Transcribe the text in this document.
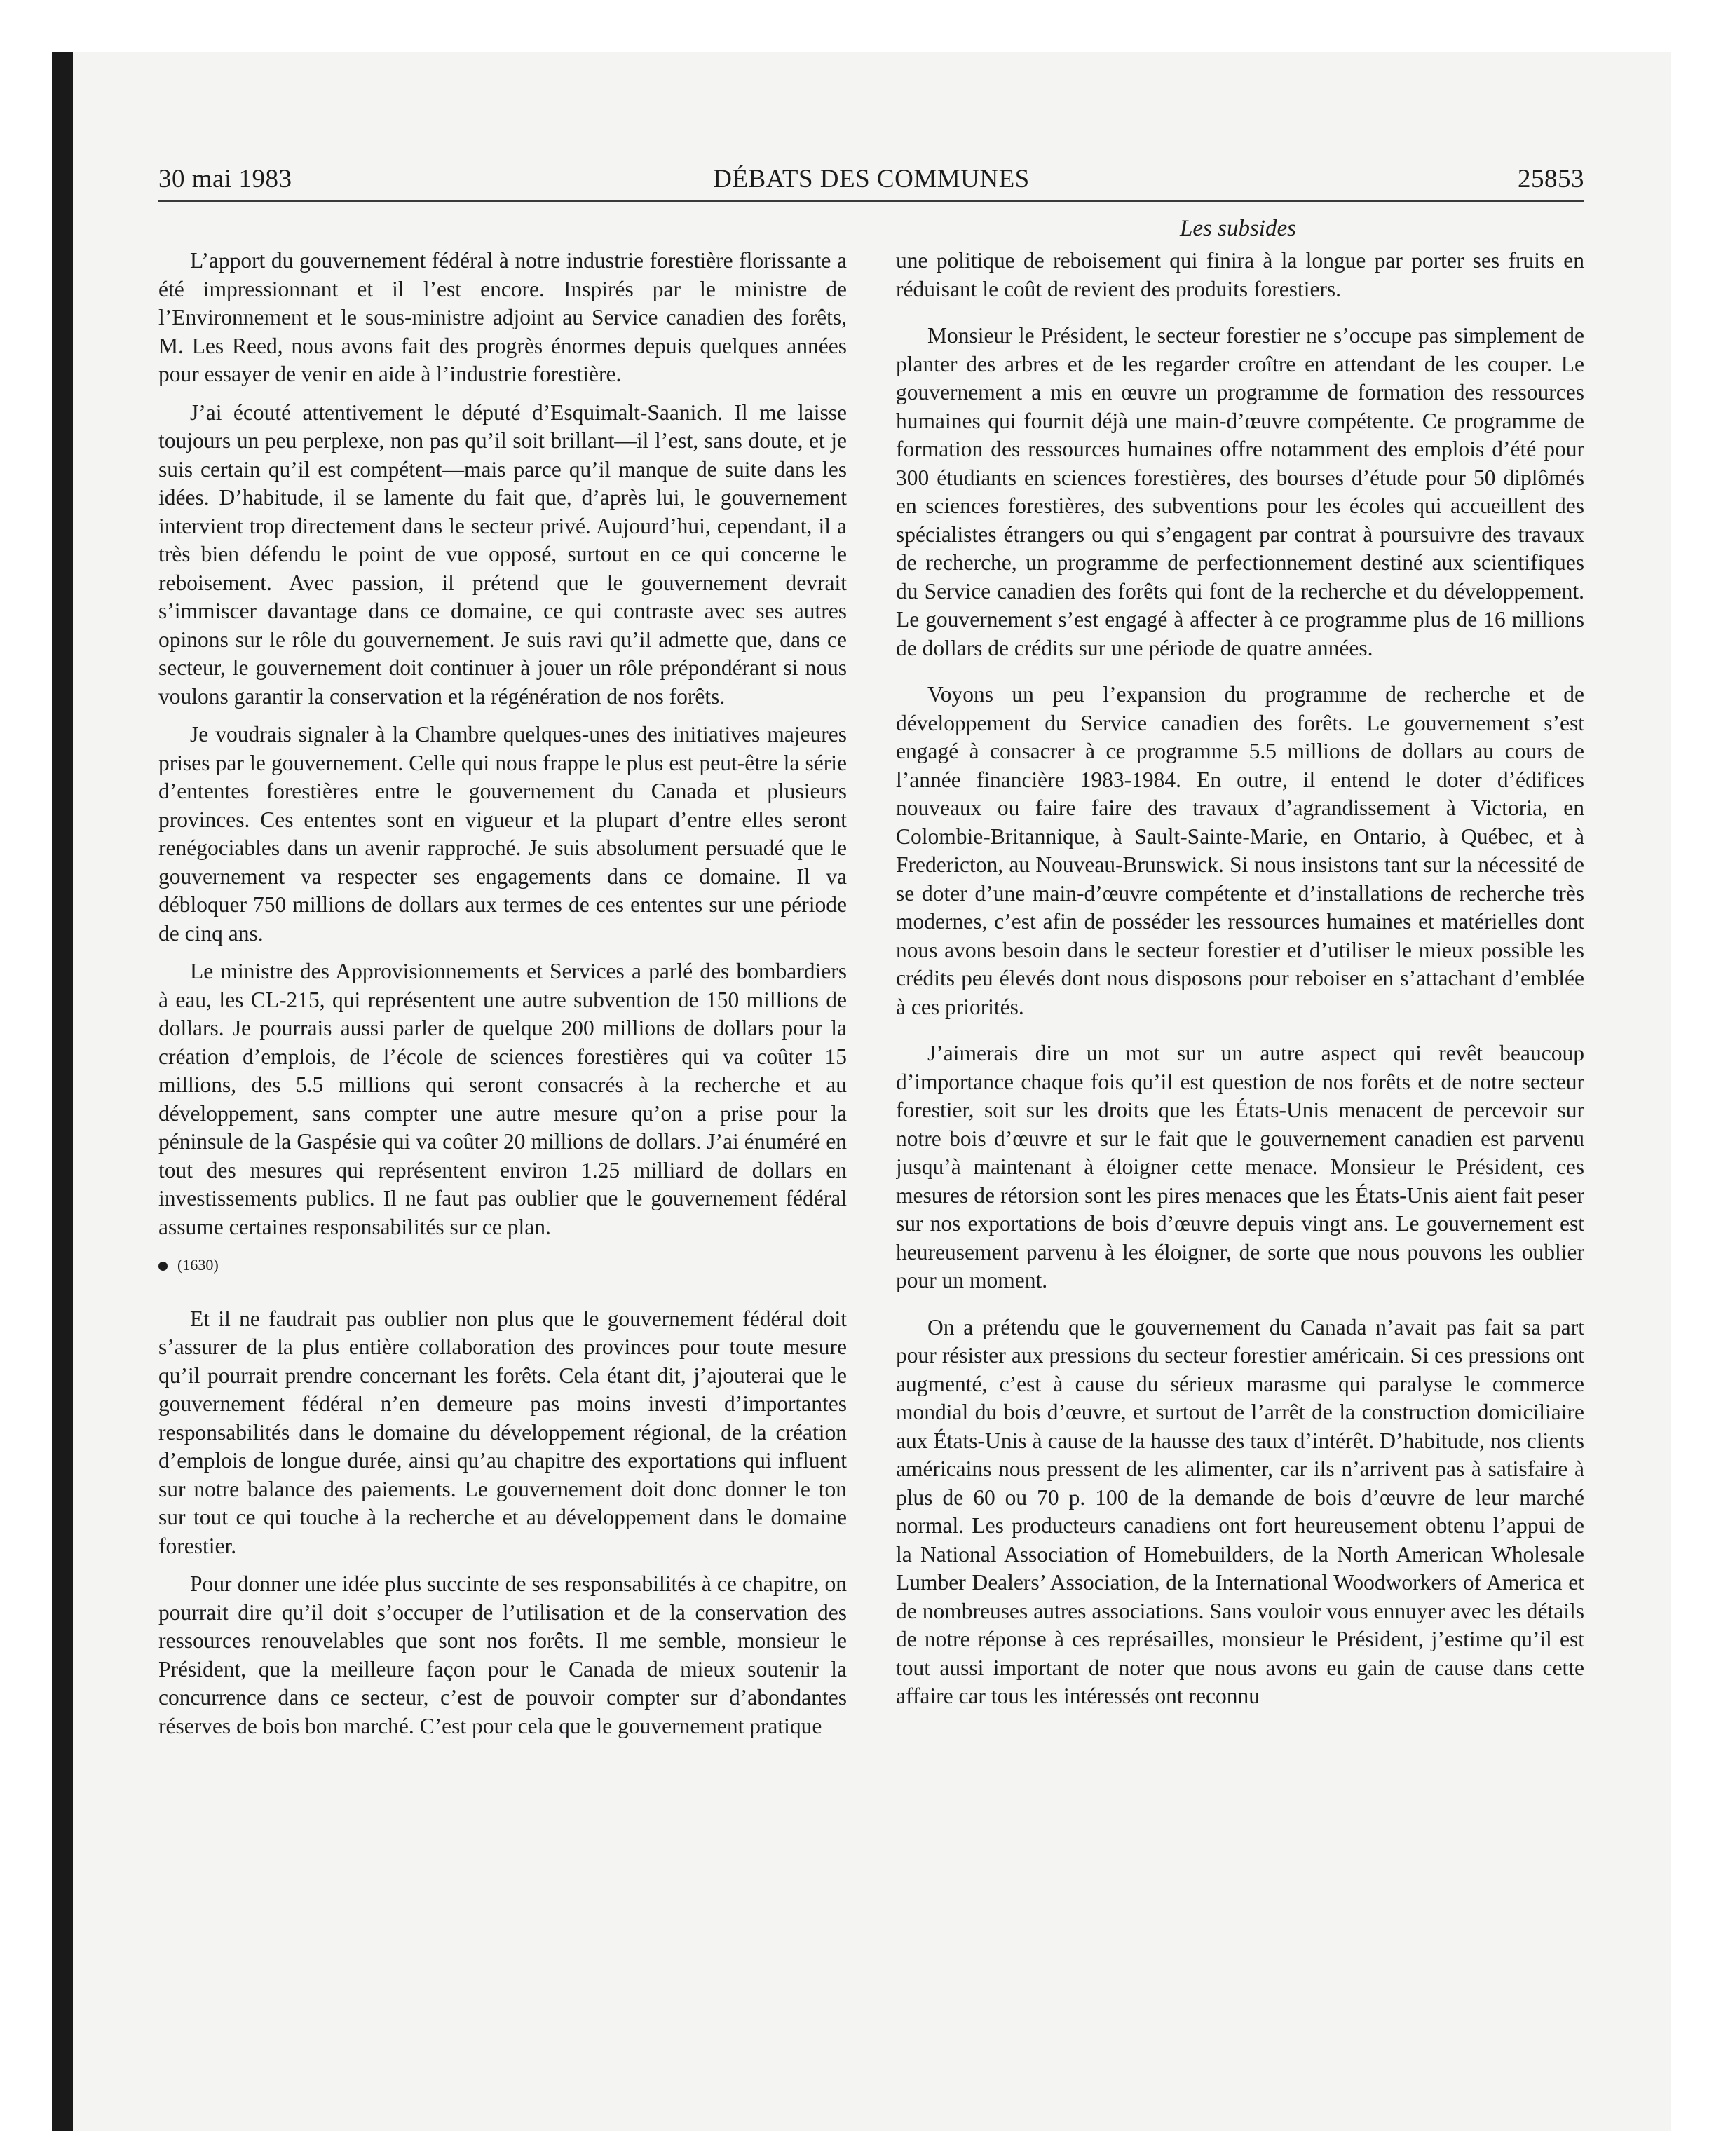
30 mai 1983	DÉBATS DES COMMUNES	25853
Les subsides

L’apport du gouvernement fédéral à notre industrie forestière florissante a été impressionnant et il l’est encore. Inspirés par le ministre de l’Environnement et le sous-ministre adjoint au Service canadien des forêts, M. Les Reed, nous avons fait des progrès énormes depuis quelques années pour essayer de venir en aide à l’industrie forestière.

J’ai écouté attentivement le député d’Esquimalt-Saanich. Il me laisse toujours un peu perplexe, non pas qu’il soit brillant—il l’est, sans doute, et je suis certain qu’il est compétent—mais parce qu’il manque de suite dans les idées. D’habitude, il se lamente du fait que, d’après lui, le gouvernement intervient trop directement dans le secteur privé. Aujourd’hui, cependant, il a très bien défendu le point de vue opposé, surtout en ce qui concerne le reboisement. Avec passion, il prétend que le gouvernement devrait s’immiscer davantage dans ce domaine, ce qui contraste avec ses autres opinons sur le rôle du gouvernement. Je suis ravi qu’il admette que, dans ce secteur, le gouvernement doit continuer à jouer un rôle prépondérant si nous voulons garantir la conservation et la régénération de nos forêts.

Je voudrais signaler à la Chambre quelques-unes des initiatives majeures prises par le gouvernement. Celle qui nous frappe le plus est peut-être la série d’ententes forestières entre le gouvernement du Canada et plusieurs provinces. Ces ententes sont en vigueur et la plupart d’entre elles seront renégociables dans un avenir rapproché. Je suis absolument persuadé que le gouvernement va respecter ses engagements dans ce domaine. Il va débloquer 750 millions de dollars aux termes de ces ententes sur une période de cinq ans.

Le ministre des Approvisionnements et Services a parlé des bombardiers à eau, les CL-215, qui représentent une autre subvention de 150 millions de dollars. Je pourrais aussi parler de quelque 200 millions de dollars pour la création d’emplois, de l’école de sciences forestières qui va coûter 15 millions, des 5.5 millions qui seront consacrés à la recherche et au développement, sans compter une autre mesure qu’on a prise pour la péninsule de la Gaspésie qui va coûter 20 millions de dollars. J’ai énuméré en tout des mesures qui représentent environ 1.25 milliard de dollars en investissements publics. Il ne faut pas oublier que le gouvernement fédéral assume certaines responsabilités sur ce plan.

(1630)

Et il ne faudrait pas oublier non plus que le gouvernement fédéral doit s’assurer de la plus entière collaboration des provinces pour toute mesure qu’il pourrait prendre concernant les forêts. Cela étant dit, j’ajouterai que le gouvernement fédéral n’en demeure pas moins investi d’importantes responsabilités dans le domaine du développement régional, de la création d’emplois de longue durée, ainsi qu’au chapitre des exportations qui influent sur notre balance des paiements. Le gouvernement doit donc donner le ton sur tout ce qui touche à la recherche et au développement dans le domaine forestier.

Pour donner une idée plus succinte de ses responsabilités à ce chapitre, on pourrait dire qu’il doit s’occuper de l’utilisation et de la conservation des ressources renouvelables que sont nos forêts. Il me semble, monsieur le Président, que la meilleure façon pour le Canada de mieux soutenir la concurrence dans ce secteur, c’est de pouvoir compter sur d’abondantes réserves de bois bon marché. C’est pour cela que le gouvernement pratique

une politique de reboisement qui finira à la longue par porter ses fruits en réduisant le coût de revient des produits forestiers.

Monsieur le Président, le secteur forestier ne s’occupe pas simplement de planter des arbres et de les regarder croître en attendant de les couper. Le gouvernement a mis en œuvre un programme de formation des ressources humaines qui fournit déjà une main-d’œuvre compétente. Ce programme de formation des ressources humaines offre notamment des emplois d’été pour 300 étudiants en sciences forestières, des bourses d’étude pour 50 diplômés en sciences forestières, des subventions pour les écoles qui accueillent des spécialistes étrangers ou qui s’engagent par contrat à poursuivre des travaux de recherche, un programme de perfectionnement destiné aux scientifiques du Service canadien des forêts qui font de la recherche et du développement. Le gouvernement s’est engagé à affecter à ce programme plus de 16 millions de dollars de crédits sur une période de quatre années.

Voyons un peu l’expansion du programme de recherche et de développement du Service canadien des forêts. Le gouvernement s’est engagé à consacrer à ce programme 5.5 millions de dollars au cours de l’année financière 1983-1984. En outre, il entend le doter d’édifices nouveaux ou faire faire des travaux d’agrandissement à Victoria, en Colombie-Britannique, à Sault-Sainte-Marie, en Ontario, à Québec, et à Fredericton, au Nouveau-Brunswick. Si nous insistons tant sur la nécessité de se doter d’une main-d’œuvre compétente et d’installations de recherche très modernes, c’est afin de posséder les ressources humaines et matérielles dont nous avons besoin dans le secteur forestier et d’utiliser le mieux possible les crédits peu élevés dont nous disposons pour reboiser en s’attachant d’emblée à ces priorités.

J’aimerais dire un mot sur un autre aspect qui revêt beaucoup d’importance chaque fois qu’il est question de nos forêts et de notre secteur forestier, soit sur les droits que les États-Unis menacent de percevoir sur notre bois d’œuvre et sur le fait que le gouvernement canadien est parvenu jusqu’à maintenant à éloigner cette menace. Monsieur le Président, ces mesures de rétorsion sont les pires menaces que les États-Unis aient fait peser sur nos exportations de bois d’œuvre depuis vingt ans. Le gouvernement est heureusement parvenu à les éloigner, de sorte que nous pouvons les oublier pour un moment.

On a prétendu que le gouvernement du Canada n’avait pas fait sa part pour résister aux pressions du secteur forestier américain. Si ces pressions ont augmenté, c’est à cause du sérieux marasme qui paralyse le commerce mondial du bois d’œuvre, et surtout de l’arrêt de la construction domiciliaire aux États-Unis à cause de la hausse des taux d’intérêt. D’habitude, nos clients américains nous pressent de les alimenter, car ils n’arrivent pas à satisfaire à plus de 60 ou 70 p. 100 de la demande de bois d’œuvre de leur marché normal. Les producteurs canadiens ont fort heureusement obtenu l’appui de la National Association of Homebuilders, de la North American Wholesale Lumber Dealers’ Association, de la International Woodworkers of America et de nombreuses autres associations. Sans vouloir vous ennuyer avec les détails de notre réponse à ces représailles, monsieur le Président, j’estime qu’il est tout aussi important de noter que nous avons eu gain de cause dans cette affaire car tous les intéressés ont reconnu
